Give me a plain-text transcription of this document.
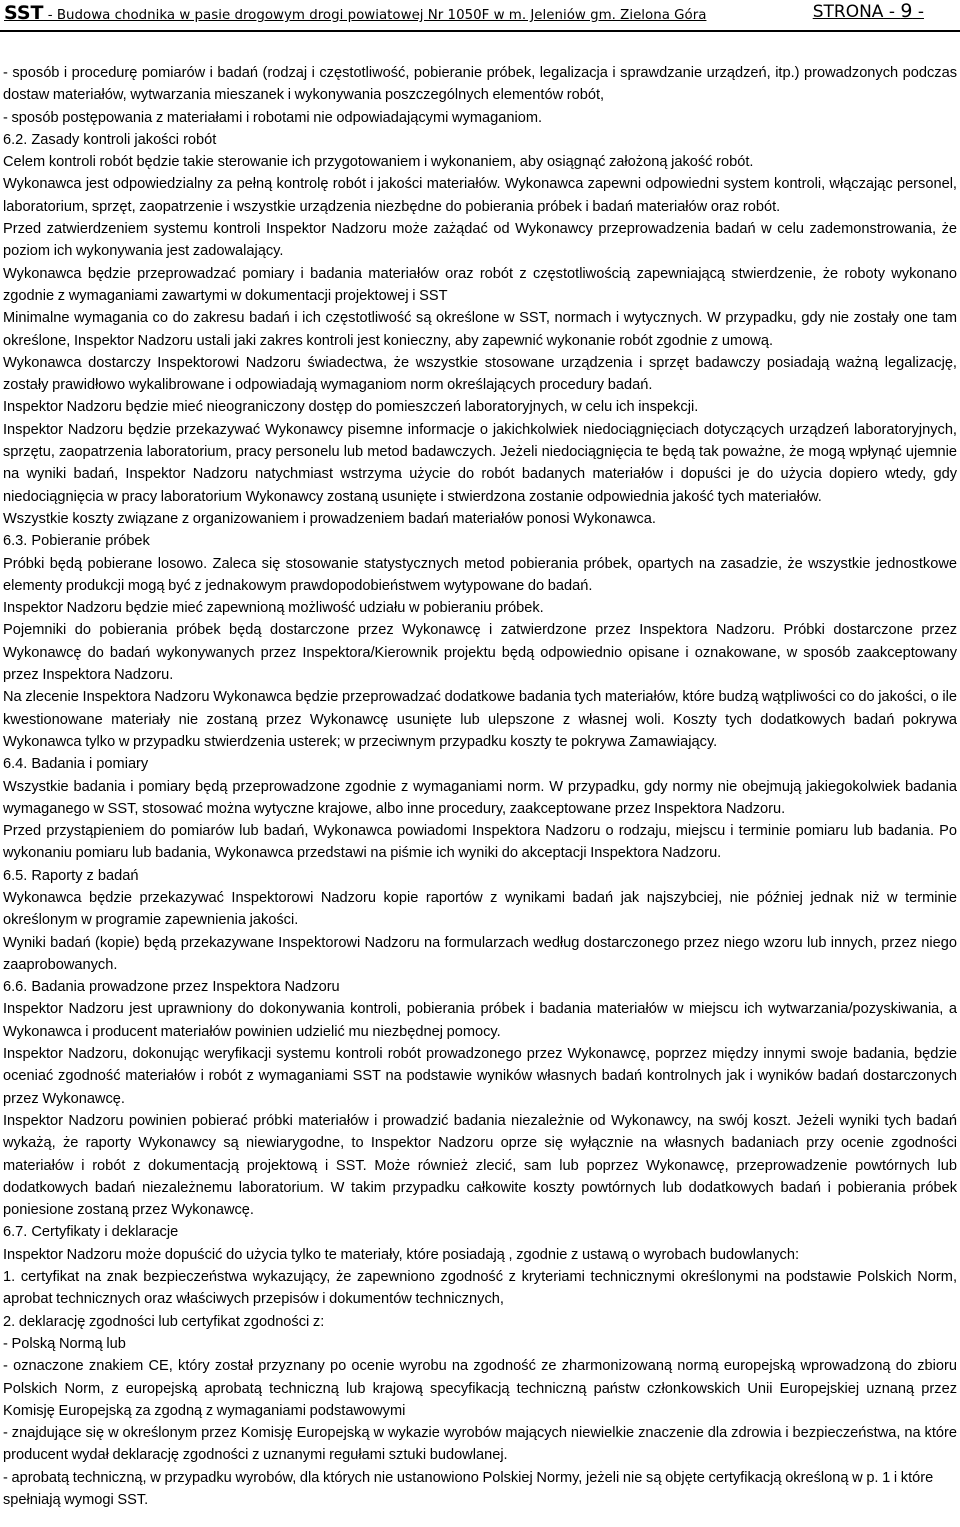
SST - Budowa chodnika w pasie drogowym drogi powiatowej Nr 1050F w m. Jeleniów gm. Zielona Góra	STRONA - 9 -

- sposób i procedurę pomiarów i badań (rodzaj i częstotliwość, pobieranie próbek, legalizacja i sprawdzanie urządzeń, itp.) prowadzonych podczas dostaw materiałów, wytwarzania mieszanek i wykonywania poszczególnych elementów robót,

- sposób postępowania z materiałami i robotami nie odpowiadającymi wymaganiom.

6.2. Zasady kontroli jakości robót

Celem kontroli robót będzie takie sterowanie ich przygotowaniem i wykonaniem, aby osiągnąć założoną jakość robót.

Wykonawca jest odpowiedzialny za pełną kontrolę robót i jakości materiałów. Wykonawca zapewni odpowiedni system kontroli, włączając personel, laboratorium, sprzęt, zaopatrzenie i wszystkie urządzenia niezbędne do pobierania próbek i badań materiałów oraz robót.

Przed zatwierdzeniem systemu kontroli Inspektor Nadzoru może zażądać od Wykonawcy przeprowadzenia badań w celu zademonstrowania, że poziom ich wykonywania jest zadowalający.

Wykonawca będzie przeprowadzać pomiary i badania materiałów oraz robót z częstotliwością zapewniającą stwierdzenie, że roboty wykonano zgodnie z wymaganiami zawartymi w dokumentacji projektowej i SST

Minimalne wymagania co do zakresu badań i ich częstotliwość są określone w SST, normach i wytycznych. W przypadku, gdy nie zostały one tam określone, Inspektor Nadzoru ustali jaki zakres kontroli jest konieczny, aby zapewnić wykonanie robót zgodnie z umową.

Wykonawca dostarczy Inspektorowi Nadzoru świadectwa, że wszystkie stosowane urządzenia i sprzęt badawczy posiadają ważną legalizację, zostały prawidłowo wykalibrowane i odpowiadają wymaganiom norm określających procedury badań.

Inspektor Nadzoru będzie mieć nieograniczony dostęp do pomieszczeń laboratoryjnych, w celu ich inspekcji.

Inspektor Nadzoru będzie przekazywać Wykonawcy pisemne informacje o jakichkolwiek niedociągnięciach dotyczących urządzeń laboratoryjnych, sprzętu, zaopatrzenia laboratorium, pracy personelu lub metod badawczych. Jeżeli niedociągnięcia te będą tak poważne, że mogą wpłynąć ujemnie na wyniki badań, Inspektor Nadzoru natychmiast wstrzyma użycie do robót badanych materiałów i dopuści je do użycia dopiero wtedy, gdy niedociągnięcia w pracy laboratorium Wykonawcy zostaną usunięte i stwierdzona zostanie odpowiednia jakość tych materiałów.

Wszystkie koszty związane z organizowaniem i prowadzeniem badań materiałów ponosi Wykonawca.

6.3. Pobieranie próbek

Próbki będą pobierane losowo. Zaleca się stosowanie statystycznych metod pobierania próbek, opartych na zasadzie, że wszystkie jednostkowe elementy produkcji mogą być z jednakowym prawdopodobieństwem wytypowane do badań.

Inspektor Nadzoru będzie mieć zapewnioną możliwość udziału w pobieraniu próbek.

Pojemniki do pobierania próbek będą dostarczone przez Wykonawcę i zatwierdzone przez Inspektora Nadzoru. Próbki dostarczone przez Wykonawcę do badań wykonywanych przez Inspektora/Kierownik projektu będą odpowiednio opisane i oznakowane, w sposób zaakceptowany przez Inspektora Nadzoru.

Na zlecenie Inspektora Nadzoru Wykonawca będzie przeprowadzać dodatkowe badania tych materiałów, które budzą wątpliwości co do jakości, o ile kwestionowane materiały nie zostaną przez Wykonawcę usunięte lub ulepszone z własnej woli. Koszty tych dodatkowych badań pokrywa Wykonawca tylko w przypadku stwierdzenia usterek; w przeciwnym przypadku koszty te pokrywa Zamawiający.

6.4. Badania i pomiary

Wszystkie badania i pomiary będą przeprowadzone zgodnie z wymaganiami norm. W przypadku, gdy normy nie obejmują jakiegokolwiek badania wymaganego w SST, stosować można wytyczne krajowe, albo inne procedury, zaakceptowane przez Inspektora Nadzoru.

Przed przystąpieniem do pomiarów lub badań, Wykonawca powiadomi Inspektora Nadzoru o rodzaju, miejscu i terminie pomiaru lub badania. Po wykonaniu pomiaru lub badania, Wykonawca przedstawi na piśmie ich wyniki do akceptacji Inspektora Nadzoru.

6.5. Raporty z badań

Wykonawca będzie przekazywać Inspektorowi Nadzoru kopie raportów z wynikami badań jak najszybciej, nie później jednak niż w terminie określonym w programie zapewnienia jakości.

Wyniki badań (kopie) będą przekazywane Inspektorowi Nadzoru na formularzach według dostarczonego przez niego wzoru lub innych, przez niego zaaprobowanych.

6.6. Badania prowadzone przez Inspektora Nadzoru

Inspektor Nadzoru jest uprawniony do dokonywania kontroli, pobierania próbek i badania materiałów w miejscu ich wytwarzania/pozyskiwania, a Wykonawca i producent materiałów powinien udzielić mu niezbędnej pomocy.

Inspektor Nadzoru, dokonując weryfikacji systemu kontroli robót prowadzonego przez Wykonawcę, poprzez między innymi swoje badania, będzie oceniać zgodność materiałów i robót z wymaganiami SST na podstawie wyników własnych badań kontrolnych jak i wyników badań dostarczonych przez Wykonawcę.

Inspektor Nadzoru powinien pobierać próbki materiałów i prowadzić badania niezależnie od Wykonawcy, na swój koszt. Jeżeli wyniki tych badań wykażą, że raporty Wykonawcy są niewiarygodne, to Inspektor Nadzoru oprze się wyłącznie na własnych badaniach przy ocenie zgodności materiałów i robót z dokumentacją projektową i SST. Może również zlecić, sam lub poprzez Wykonawcę, przeprowadzenie powtórnych lub dodatkowych badań niezależnemu laboratorium. W takim przypadku całkowite koszty powtórnych lub dodatkowych badań i pobierania próbek poniesione zostaną przez Wykonawcę.

6.7. Certyfikaty i deklaracje

Inspektor Nadzoru może dopuścić do użycia tylko te materiały, które posiadają , zgodnie z ustawą o wyrobach budowlanych:

1. certyfikat na znak bezpieczeństwa wykazujący, że zapewniono zgodność z kryteriami technicznymi określonymi na podstawie Polskich Norm, aprobat technicznych oraz właściwych przepisów i dokumentów technicznych,

2. deklarację zgodności lub certyfikat zgodności z:

- Polską Normą lub

- oznaczone znakiem CE, który został przyznany po ocenie wyrobu na zgodność ze zharmonizowaną normą europejską wprowadzoną do zbioru Polskich Norm, z europejską aprobatą techniczną lub krajową specyfikacją techniczną państw członkowskich Unii Europejskiej uznaną przez Komisję Europejską za zgodną z wymaganiami podstawowymi

- znajdujące się w określonym przez Komisję Europejską w wykazie wyrobów mających niewielkie znaczenie dla zdrowia i bezpieczeństwa, na które producent wydał deklarację zgodności z uznanymi regułami sztuki budowlanej.

- aprobatą techniczną, w przypadku wyrobów, dla których nie ustanowiono Polskiej Normy, jeżeli nie są objęte certyfikacją określoną w p. 1 i które spełniają wymogi SST.
